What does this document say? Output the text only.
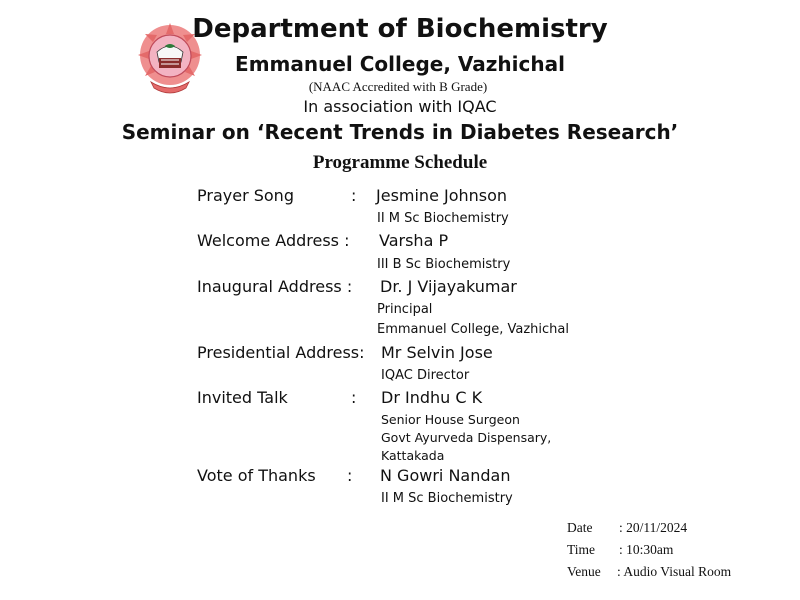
Department of Biochemistry
Emmanuel College, Vazhichal
(NAAC Accredited with B Grade)
In association with IQAC
Seminar on ‘Recent Trends in Diabetes Research’
Programme Schedule
Prayer Song	: Jesmine Johnson
II M Sc Biochemistry
Welcome Address : Varsha P
III B Sc Biochemistry
Inaugural Address : Dr. J Vijayakumar
Principal
Emmanuel College, Vazhichal
Presidential Address: Mr Selvin Jose
IQAC Director
Invited Talk	: Dr Indhu C K
Senior House Surgeon
Govt Ayurveda Dispensary,
Kattakada
Vote of Thanks : N Gowri Nandan
II M Sc Biochemistry
Date : 20/11/2024
Time : 10:30am
Venue : Audio Visual Room
